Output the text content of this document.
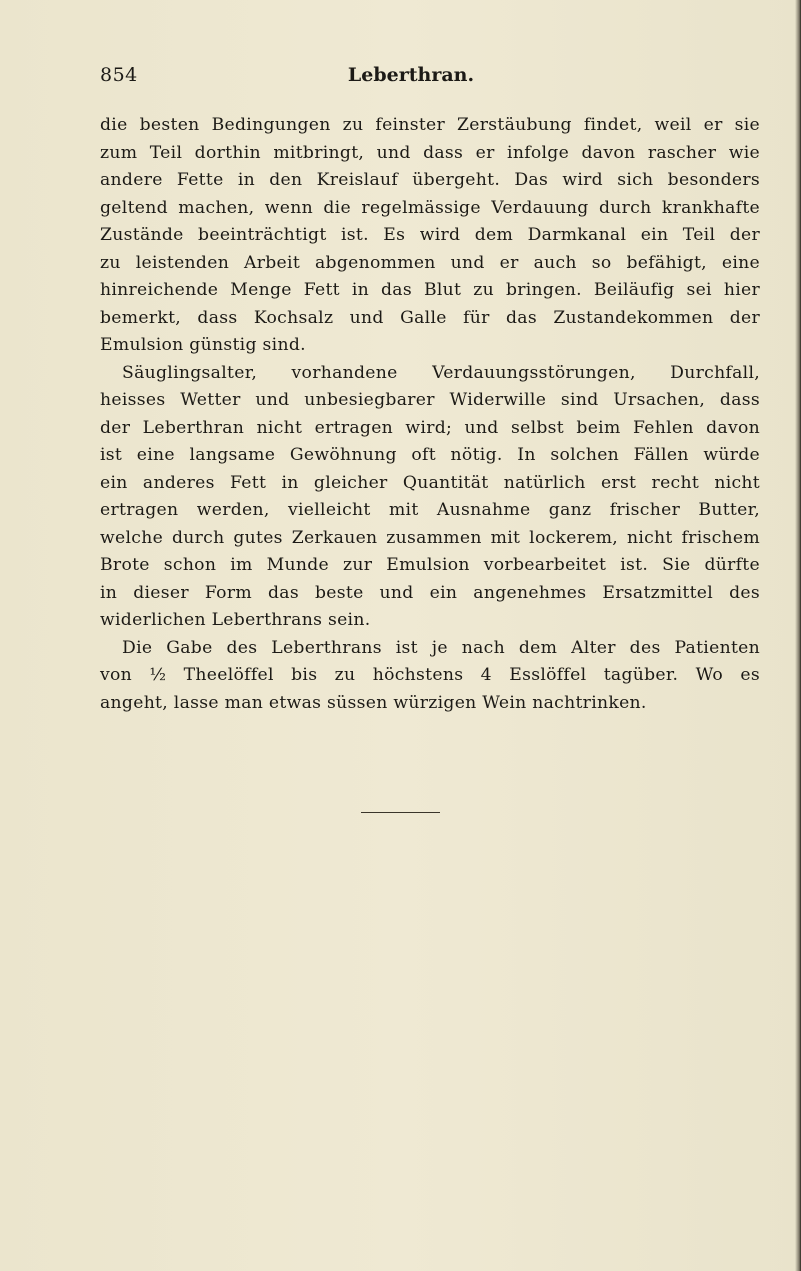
854	Leberthran.
die besten Bedingungen zu feinster Zerstäubung findet, weil er sie
zum Teil dorthin mitbringt, und dass er infolge davon rascher wie
andere Fette in den Kreislauf übergeht. Das wird sich besonders
geltend machen, wenn die regelmässige Verdauung durch krankhafte
Zustände beeinträchtigt ist. Es wird dem Darmkanal ein Teil der
zu leistenden Arbeit abgenommen und er auch so befähigt, eine
hinreichende Menge Fett in das Blut zu bringen. Beiläufig sei hier
bemerkt, dass Kochsalz und Galle für das Zustandekommen der
Emulsion günstig sind.
Säuglingsalter, vorhandene Verdauungsstörungen, Durchfall,
heisses Wetter und unbesiegbarer Widerwille sind Ursachen, dass
der Leberthran nicht ertragen wird; und selbst beim Fehlen davon
ist eine langsame Gewöhnung oft nötig. In solchen Fällen würde
ein anderes Fett in gleicher Quantität natürlich erst recht nicht
ertragen werden, vielleicht mit Ausnahme ganz frischer Butter,
welche durch gutes Zerkauen zusammen mit lockerem, nicht frischem
Brote schon im Munde zur Emulsion vorbearbeitet ist. Sie dürfte
in dieser Form das beste und ein angenehmes Ersatzmittel des
widerlichen Leberthrans sein.
Die Gabe des Leberthrans ist je nach dem Alter des Patienten
von ½ Theelöffel bis zu höchstens 4 Esslöffel tagüber. Wo es
angeht, lasse man etwas süssen würzigen Wein nachtrinken.
